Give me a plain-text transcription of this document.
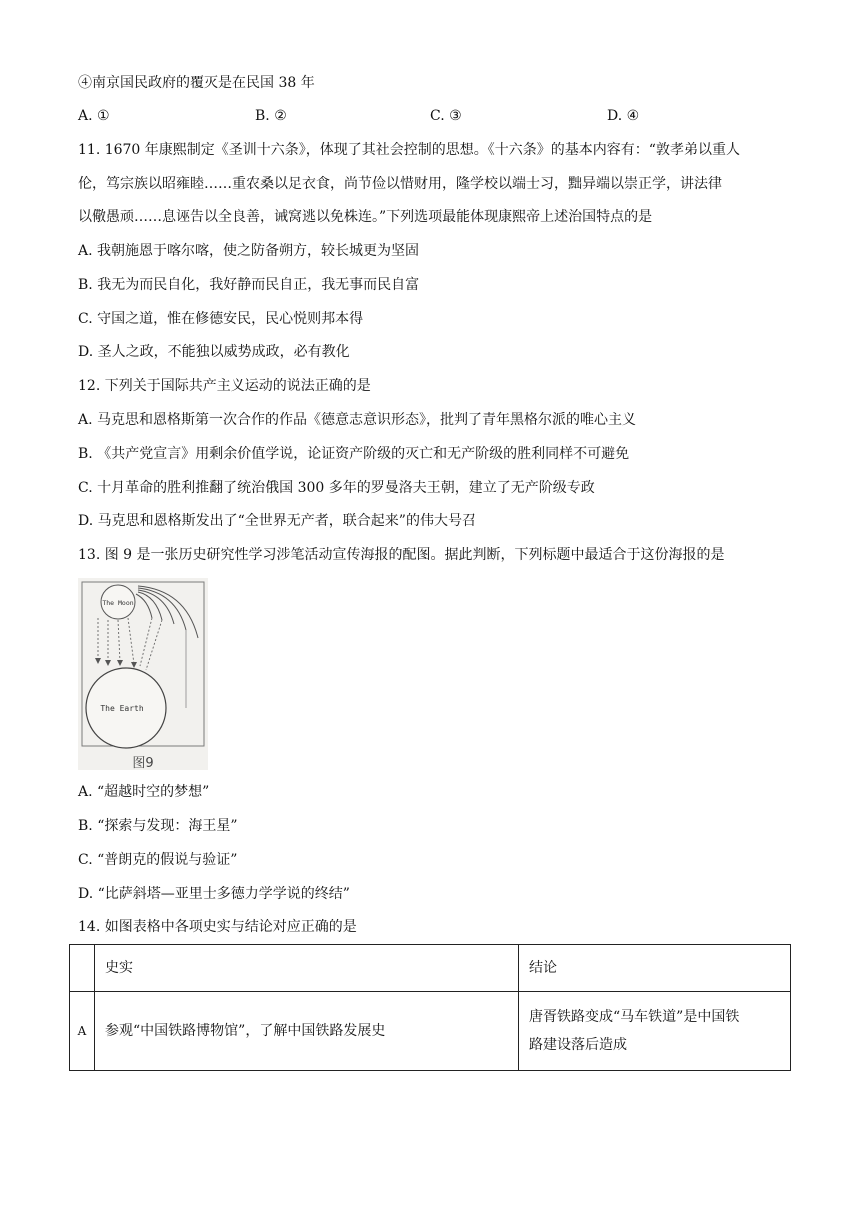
④南京国民政府的覆灭是在民国 38 年
A. ①	B. ②	C. ③	D. ④
11. 1670 年康熙制定《圣训十六条》，体现了其社会控制的思想。《十六条》的基本内容有：“敦孝弟以重人
伦，笃宗族以昭雍睦……重农桑以足衣食，尚节俭以惜财用，隆学校以端士习，黜异端以崇正学，讲法律
以儆愚顽……息诬告以全良善，诫窝逃以免株连。”下列选项最能体现康熙帝上述治国特点的是
A. 我朝施恩于喀尔喀，使之防备朔方，较长城更为坚固
B. 我无为而民自化，我好静而民自正，我无事而民自富
C. 守国之道，惟在修德安民，民心悦则邦本得
D. 圣人之政，不能独以威势成政，必有教化
12. 下列关于国际共产主义运动的说法正确的是
A. 马克思和恩格斯第一次合作的作品《德意志意识形态》，批判了青年黑格尔派的唯心主义
B. 《共产党宣言》用剩余价值学说，论证资产阶级的灭亡和无产阶级的胜利同样不可避免
C. 十月革命的胜利推翻了统治俄国 300 多年的罗曼洛夫王朝，建立了无产阶级专政
D. 马克思和恩格斯发出了“全世界无产者，联合起来”的伟大号召
13. 图 9 是一张历史研究性学习涉笔活动宣传海报的配图。据此判断，下列标题中最适合于这份海报的是
The Moon
The Earth
图9
A. “超越时空的梦想”
B. “探索与发现：海王星”
C. “普朗克的假说与验证”
D. “比萨斜塔—亚里士多德力学学说的终结”
14. 如图表格中各项史实与结论对应正确的是
	史实	结论
A	参观“中国铁路博物馆”，了解中国铁路发展史	唐胥铁路变成“马车铁道”是中国铁
路建设落后造成
